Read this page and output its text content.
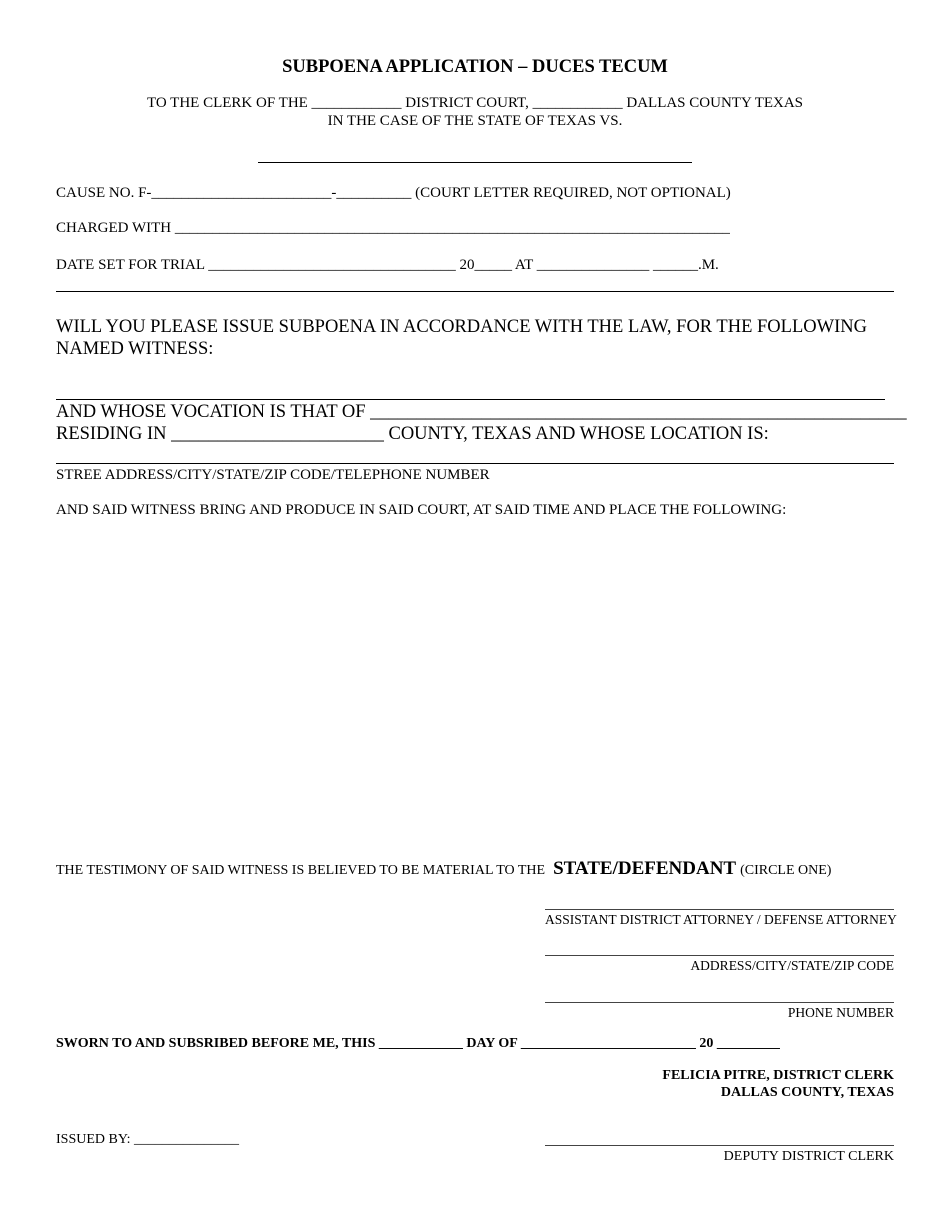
SUBPOENA APPLICATION – DUCES TECUM
TO THE CLERK OF THE ____________ DISTRICT COURT, ____________ DALLAS COUNTY TEXAS
IN THE CASE OF THE STATE OF TEXAS VS.
CAUSE NO. F-________________________-__________ (COURT LETTER REQUIRED, NOT OPTIONAL)
CHARGED WITH __________________________________________________________________________
DATE SET FOR TRIAL _________________________________ 20_____ AT _______________ ______.M.
WILL YOU PLEASE ISSUE SUBPOENA IN ACCORDANCE WITH THE LAW, FOR THE FOLLOWING
NAMED WITNESS:
AND WHOSE VOCATION IS THAT OF __________________________________________________________
RESIDING IN _______________________ COUNTY, TEXAS AND WHOSE LOCATION IS:
STREE ADDRESS/CITY/STATE/ZIP CODE/TELEPHONE NUMBER
AND SAID WITNESS BRING AND PRODUCE IN SAID COURT, AT SAID TIME AND PLACE THE FOLLOWING:
THE TESTIMONY OF SAID WITNESS IS BELIEVED TO BE MATERIAL TO THE STATE/DEFENDANT (CIRCLE ONE)
ASSISTANT DISTRICT ATTORNEY / DEFENSE ATTORNEY
ADDRESS/CITY/STATE/ZIP CODE
PHONE NUMBER
SWORN TO AND SUBSRIBED BEFORE ME, THIS ____________ DAY OF _________________________ 20 _________
FELICIA PITRE, DISTRICT CLERK
DALLAS COUNTY, TEXAS
ISSUED BY: _______________
DEPUTY DISTRICT CLERK
